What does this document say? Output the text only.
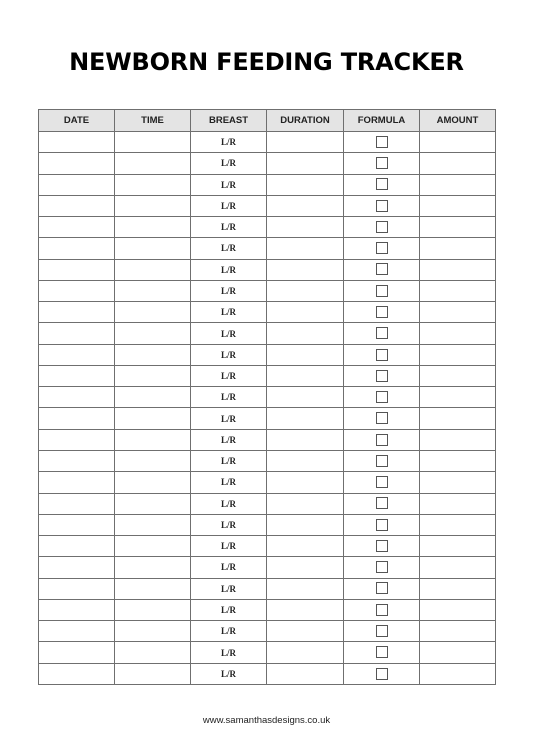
NEWBORN FEEDING TRACKER
DATE	TIME	BREAST	DURATION	FORMULA	AMOUNT
		L/R			
		L/R			
		L/R			
		L/R			
		L/R			
		L/R			
		L/R			
		L/R			
		L/R			
		L/R			
		L/R			
		L/R			
		L/R			
		L/R			
		L/R			
		L/R			
		L/R			
		L/R			
		L/R			
		L/R			
		L/R			
		L/R			
		L/R			
		L/R			
		L/R			
		L/R			
www.samanthasdesigns.co.uk
